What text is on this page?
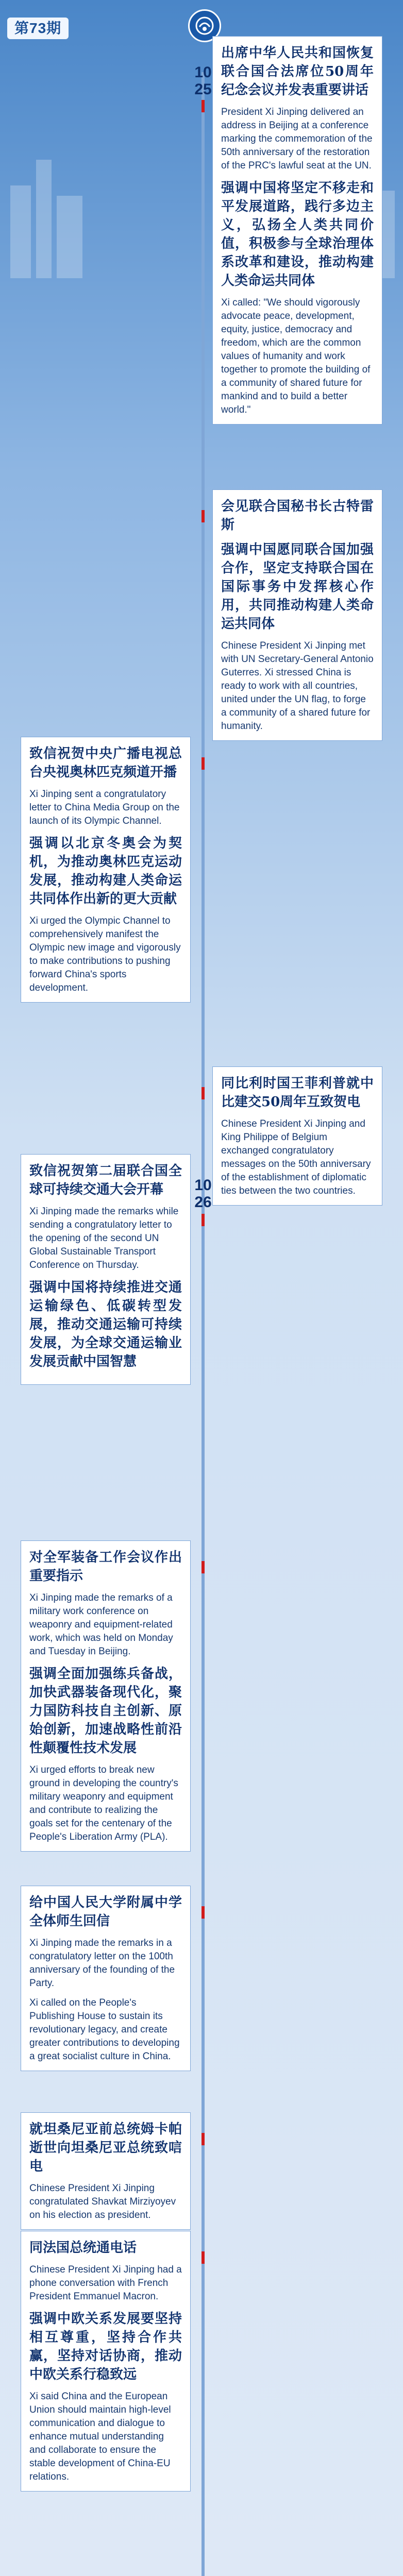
第73期
10
25

出席中华人民共和国恢复联合国合法席位50周年纪念会议并发表重要讲话

President Xi Jinping delivered an address in Beijing at a conference marking the commemoration of the 50th anniversary of the restoration of the PRC's lawful seat at the UN.

强调中国将坚定不移走和平发展道路，践行多边主义，弘扬全人类共同价值，积极参与全球治理体系改革和建设，推动构建人类命运共同体

Xi called: "We should vigorously advocate peace, development, equity, justice, democracy and freedom, which are the common values of humanity and work together to promote the building of a community of shared future for mankind and to build a better world."

会见联合国秘书长古特雷斯

强调中国愿同联合国加强合作，坚定支持联合国在国际事务中发挥核心作用，共同推动构建人类命运共同体

Chinese President Xi Jinping met with UN Secretary-General Antonio Guterres. Xi stressed China is ready to work with all countries, united under the UN flag, to forge a community of a shared future for humanity.

致信祝贺中央广播电视总台央视奥林匹克频道开播

Xi Jinping sent a congratulatory letter to China Media Group on the launch of its Olympic Channel.

强调以北京冬奥会为契机，为推动奥林匹克运动发展，推动构建人类命运共同体作出新的更大贡献

Xi urged the Olympic Channel to comprehensively manifest the Olympic new image and vigorously to make contributions to pushing forward China's sports development.

同比利时国王菲利普就中比建交50周年互致贺电

Chinese President Xi Jinping and King Philippe of Belgium exchanged congratulatory messages on the 50th anniversary of the establishment of diplomatic ties between the two countries.

10
26

致信祝贺第二届联合国全球可持续交通大会开幕

Xi Jinping made the remarks while sending a congratulatory letter to the opening of the second UN Global Sustainable Transport Conference on Thursday.

强调中国将持续推进交通运输绿色、低碳转型发展，推动交通运输可持续发展，为全球交通运输业发展贡献中国智慧

对全军装备工作会议作出重要指示

Xi Jinping made the remarks of a military work conference on weaponry and equipment-related work, which was held on Monday and Tuesday in Beijing.

强调全面加强练兵备战，加快武器装备现代化，聚力国防科技自主创新、原始创新，加速战略性前沿性颠覆性技术发展

Xi urged efforts to break new ground in developing the country's military weaponry and equipment and contribute to realizing the goals set for the centenary of the People's Liberation Army (PLA).

给中国人民大学附属中学全体师生回信

Xi Jinping made the remarks in a congratulatory letter on the 100th anniversary of the founding of the Party.

Xi called on the People's Publishing House to sustain its revolutionary legacy, and create greater contributions to developing a great socialist culture in China.

就坦桑尼亚前总统姆卡帕逝世向坦桑尼亚总统致唁电

Chinese President Xi Jinping congratulated Shavkat Mirziyoyev on his election as president.

同法国总统通电话

Chinese President Xi Jinping had a phone conversation with French President Emmanuel Macron.

强调中欧关系发展要坚持相互尊重，坚持合作共赢，坚持对话协商，推动中欧关系行稳致远

Xi said China and the European Union should maintain high-level communication and dialogue to enhance mutual understanding and collaborate to ensure the stable development of China-EU relations.
